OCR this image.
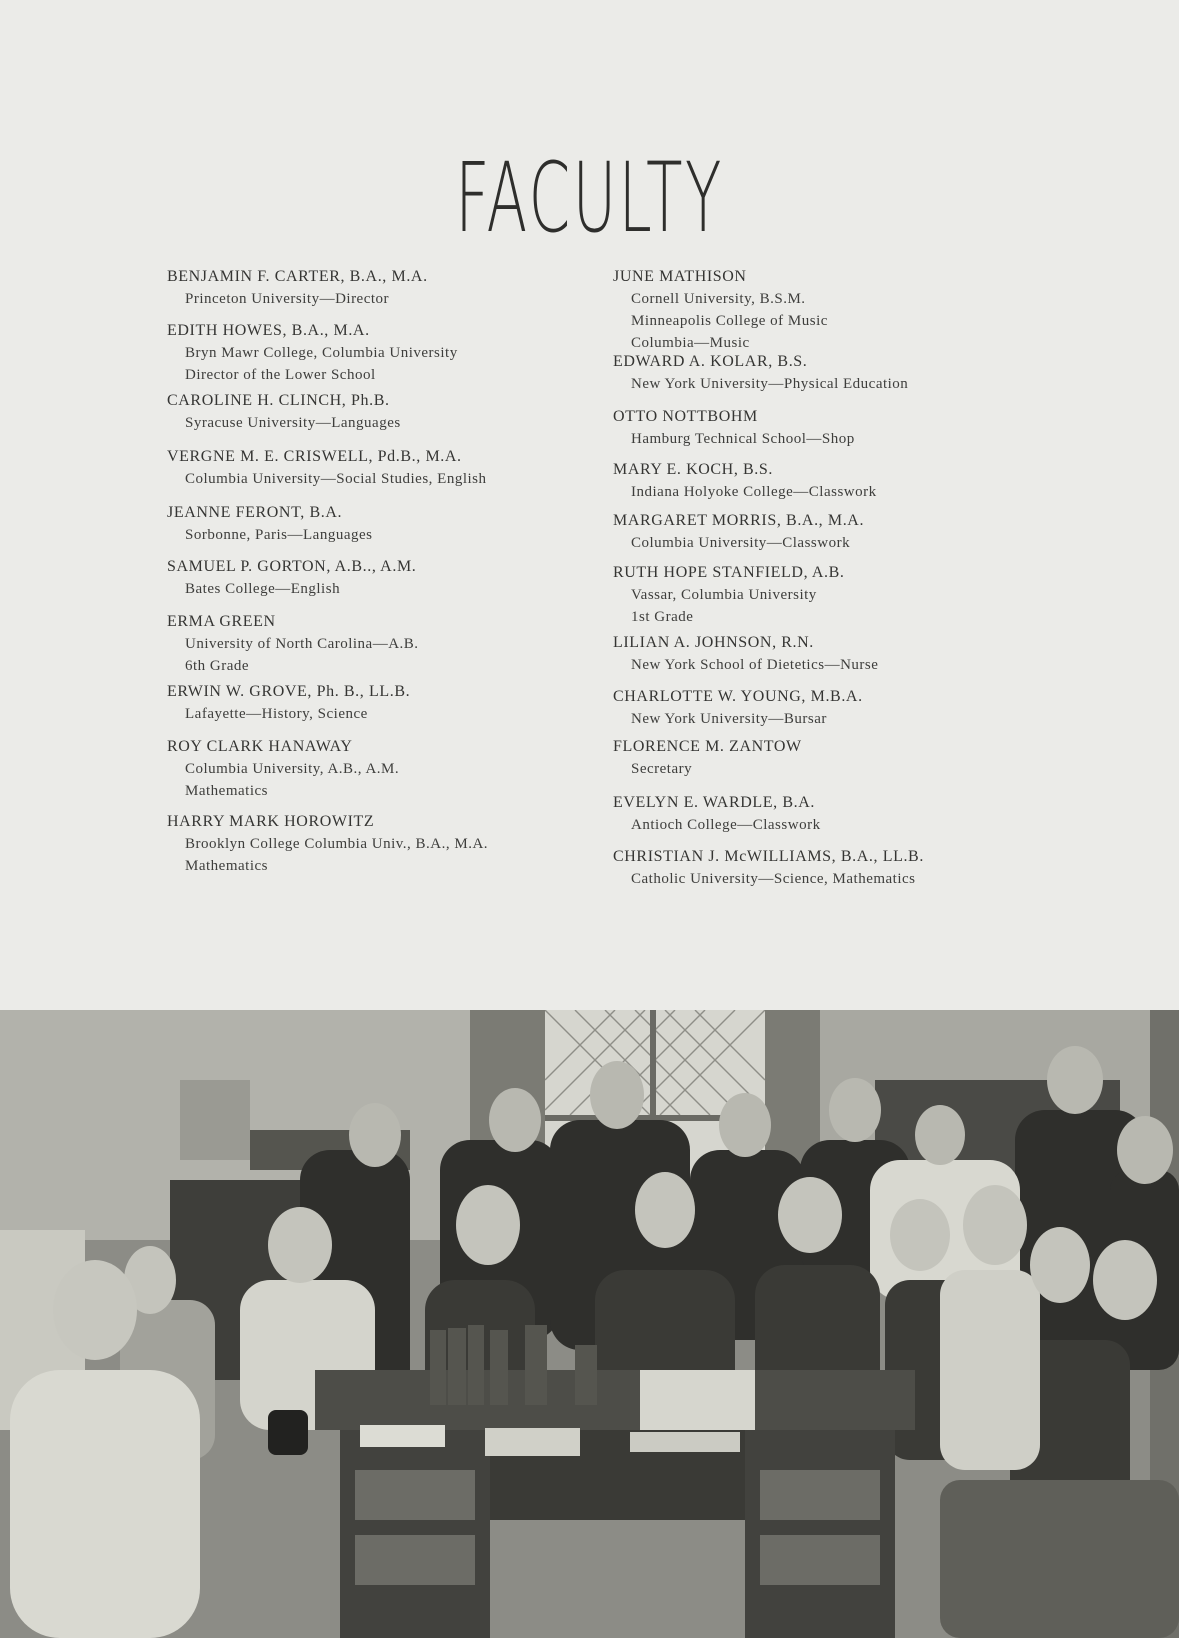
FACULTY
BENJAMIN F. CARTER, B.A., M.A.
Princeton University—Director
EDITH HOWES, B.A., M.A.
Bryn Mawr College, Columbia University
Director of the Lower School
CAROLINE H. CLINCH, Ph.B.
Syracuse University—Languages
VERGNE M. E. CRISWELL, Pd.B., M.A.
Columbia University—Social Studies, English
JEANNE FERONT, B.A.
Sorbonne, Paris—Languages
SAMUEL P. GORTON, A.B.., A.M.
Bates College—English
ERMA GREEN
University of North Carolina—A.B.
6th Grade
ERWIN W. GROVE, Ph. B., LL.B.
Lafayette—History, Science
ROY CLARK HANAWAY
Columbia University, A.B., A.M.
Mathematics
HARRY MARK HOROWITZ
Brooklyn College Columbia Univ., B.A., M.A.
Mathematics
JUNE MATHISON
Cornell University, B.S.M.
Minneapolis College of Music
Columbia—Music
EDWARD A. KOLAR, B.S.
New York University—Physical Education
OTTO NOTTBOHM
Hamburg Technical School—Shop
MARY E. KOCH, B.S.
Indiana Holyoke College—Classwork
MARGARET MORRIS, B.A., M.A.
Columbia University—Classwork
RUTH HOPE STANFIELD, A.B.
Vassar, Columbia University
1st Grade
LILIAN A. JOHNSON, R.N.
New York School of Dietetics—Nurse
CHARLOTTE W. YOUNG, M.B.A.
New York University—Bursar
FLORENCE M. ZANTOW
Secretary
EVELYN E. WARDLE, B.A.
Antioch College—Classwork
CHRISTIAN J. McWILLIAMS, B.A., LL.B.
Catholic University—Science, Mathematics
